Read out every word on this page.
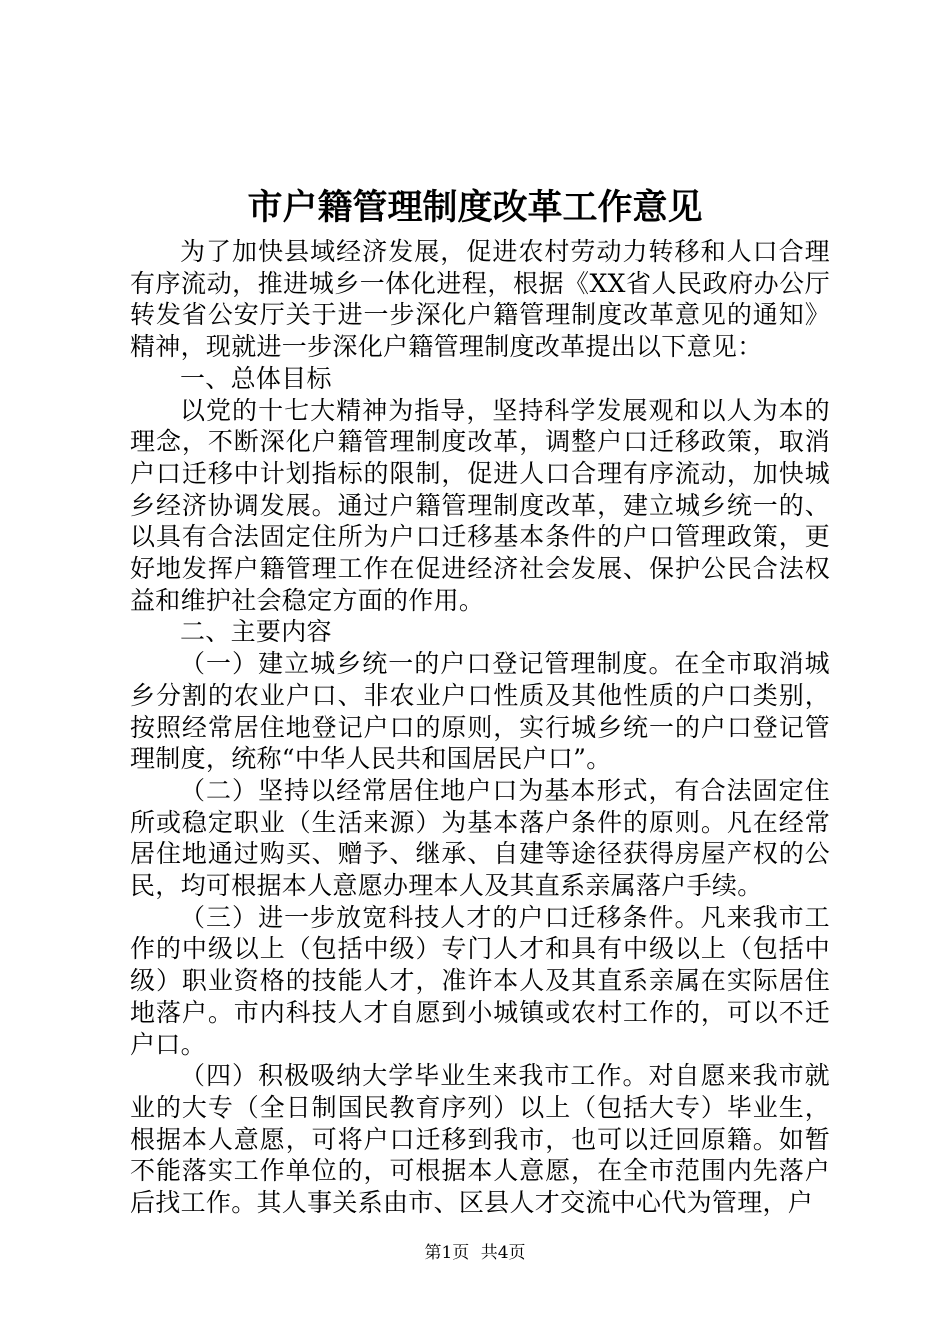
市户籍管理制度改革工作意见

为了加快县域经济发展，促进农村劳动力转移和人口合理有序流动，推进城乡一体化进程，根据《XX省人民政府办公厅转发省公安厅关于进一步深化户籍管理制度改革意见的通知》精神，现就进一步深化户籍管理制度改革提出以下意见：

一、总体目标

以党的十七大精神为指导，坚持科学发展观和以人为本的理念，不断深化户籍管理制度改革，调整户口迁移政策，取消户口迁移中计划指标的限制，促进人口合理有序流动，加快城乡经济协调发展。通过户籍管理制度改革，建立城乡统一的、以具有合法固定住所为户口迁移基本条件的户口管理政策，更好地发挥户籍管理工作在促进经济社会发展、保护公民合法权益和维护社会稳定方面的作用。

二、主要内容

（一）建立城乡统一的户口登记管理制度。在全市取消城乡分割的农业户口、非农业户口性质及其他性质的户口类别，按照经常居住地登记户口的原则，实行城乡统一的户口登记管理制度，统称“中华人民共和国居民户口”。

（二）坚持以经常居住地户口为基本形式，有合法固定住所或稳定职业（生活来源）为基本落户条件的原则。凡在经常居住地通过购买、赠予、继承、自建等途径获得房屋产权的公民，均可根据本人意愿办理本人及其直系亲属落户手续。

（三）进一步放宽科技人才的户口迁移条件。凡来我市工作的中级以上（包括中级）专门人才和具有中级以上（包括中级）职业资格的技能人才，准许本人及其直系亲属在实际居住地落户。市内科技人才自愿到小城镇或农村工作的，可以不迁户口。

（四）积极吸纳大学毕业生来我市工作。对自愿来我市就业的大专（全日制国民教育序列）以上（包括大专）毕业生，根据本人意愿，可将户口迁移到我市，也可以迁回原籍。如暂不能落实工作单位的，可根据本人意愿，在全市范围内先落户后找工作。其人事关系由市、区县人才交流中心代为管理，户

第1页 共4页
